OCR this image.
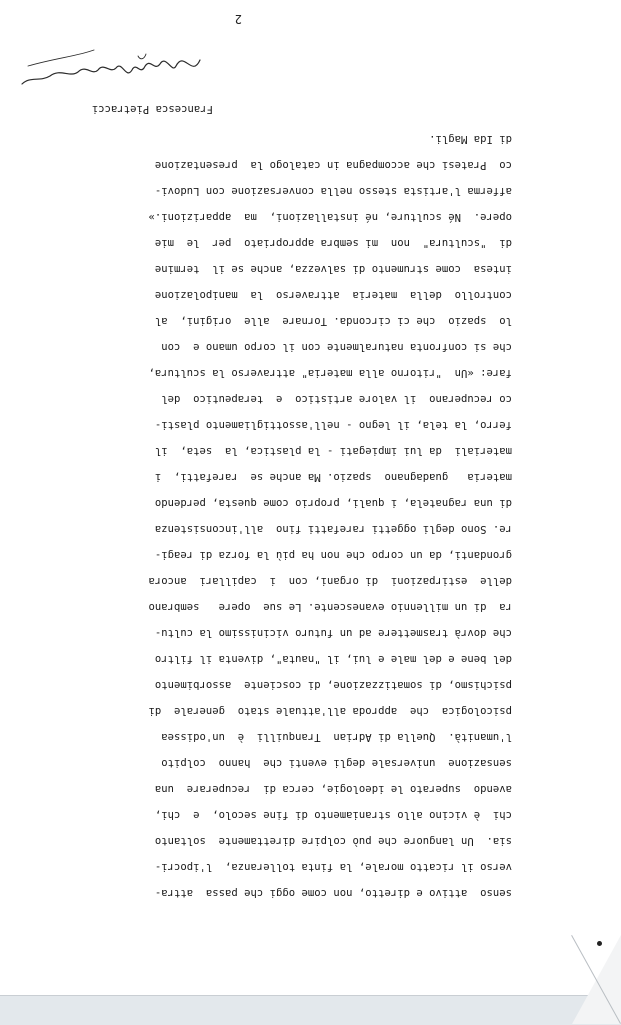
2
senso  attivo e diretto, non come oggi che passa  attra-
verso il ricatto morale, la finta tolleranza,  l'ipocri-
sia.  Un languore che può colpire direttamente  soltanto
chi  è vicino allo straniamento di fine secolo,  e  chi,
avendo  superato le ideologie, cerca di  recuperare  una
sensazione  universale degli eventi che  hanno  colpito
l'umanità.  Quella di Adrian  Tranquilli  è  un'odissea
psicologica  che  approda all'attuale stato  generale  di
psichismo, di somatizzazione, di cosciente  assorbimento
del bene e del male e lui, il "nauta", diventa il filtro
che dovrà trasmettere ad un futuro vicinissimo la cultu-
ra  di un millennio evanescente. Le sue  opere   sembrano
delle  estirpazioni  di organi, con  i  capillari  ancora
grondanti, da un corpo che non ha più la forza di reagi-
re. Sono degli oggetti rarefatti fino  all'inconsistenza
di una ragnatela, i quali, proprio come questa, perdendo
materia   guadagnano  spazio. Ma anche se  rarefatti,  i
materiali  da lui impiegati - la plastica, la  seta,  il
ferro, la tela, il legno - nell'assottigliamento plasti-
co recuperano  il valore artistico  e  terapeutico  del
fare: «Un  "ritorno alla materia" attraverso la scultura,
che si confronta naturalmente con il corpo umano e  con
lo  spazio  che ci circonda. Tornare  alle  origini,  al
controllo  della  materia  attraverso  la  manipolazione
intesa  come strumento di salvezza, anche se il  termine
di  "scultura"  non  mi sembra appropriato  per  le  mie
opere.  Né sculture, né installazioni,  ma  apparizioni.»
afferma l'artista stesso nella conversazione con Ludovi-
co  Pratesi che accompagna in catalogo la  presentazione
di Ida Magli.
Francesca Pietracci
